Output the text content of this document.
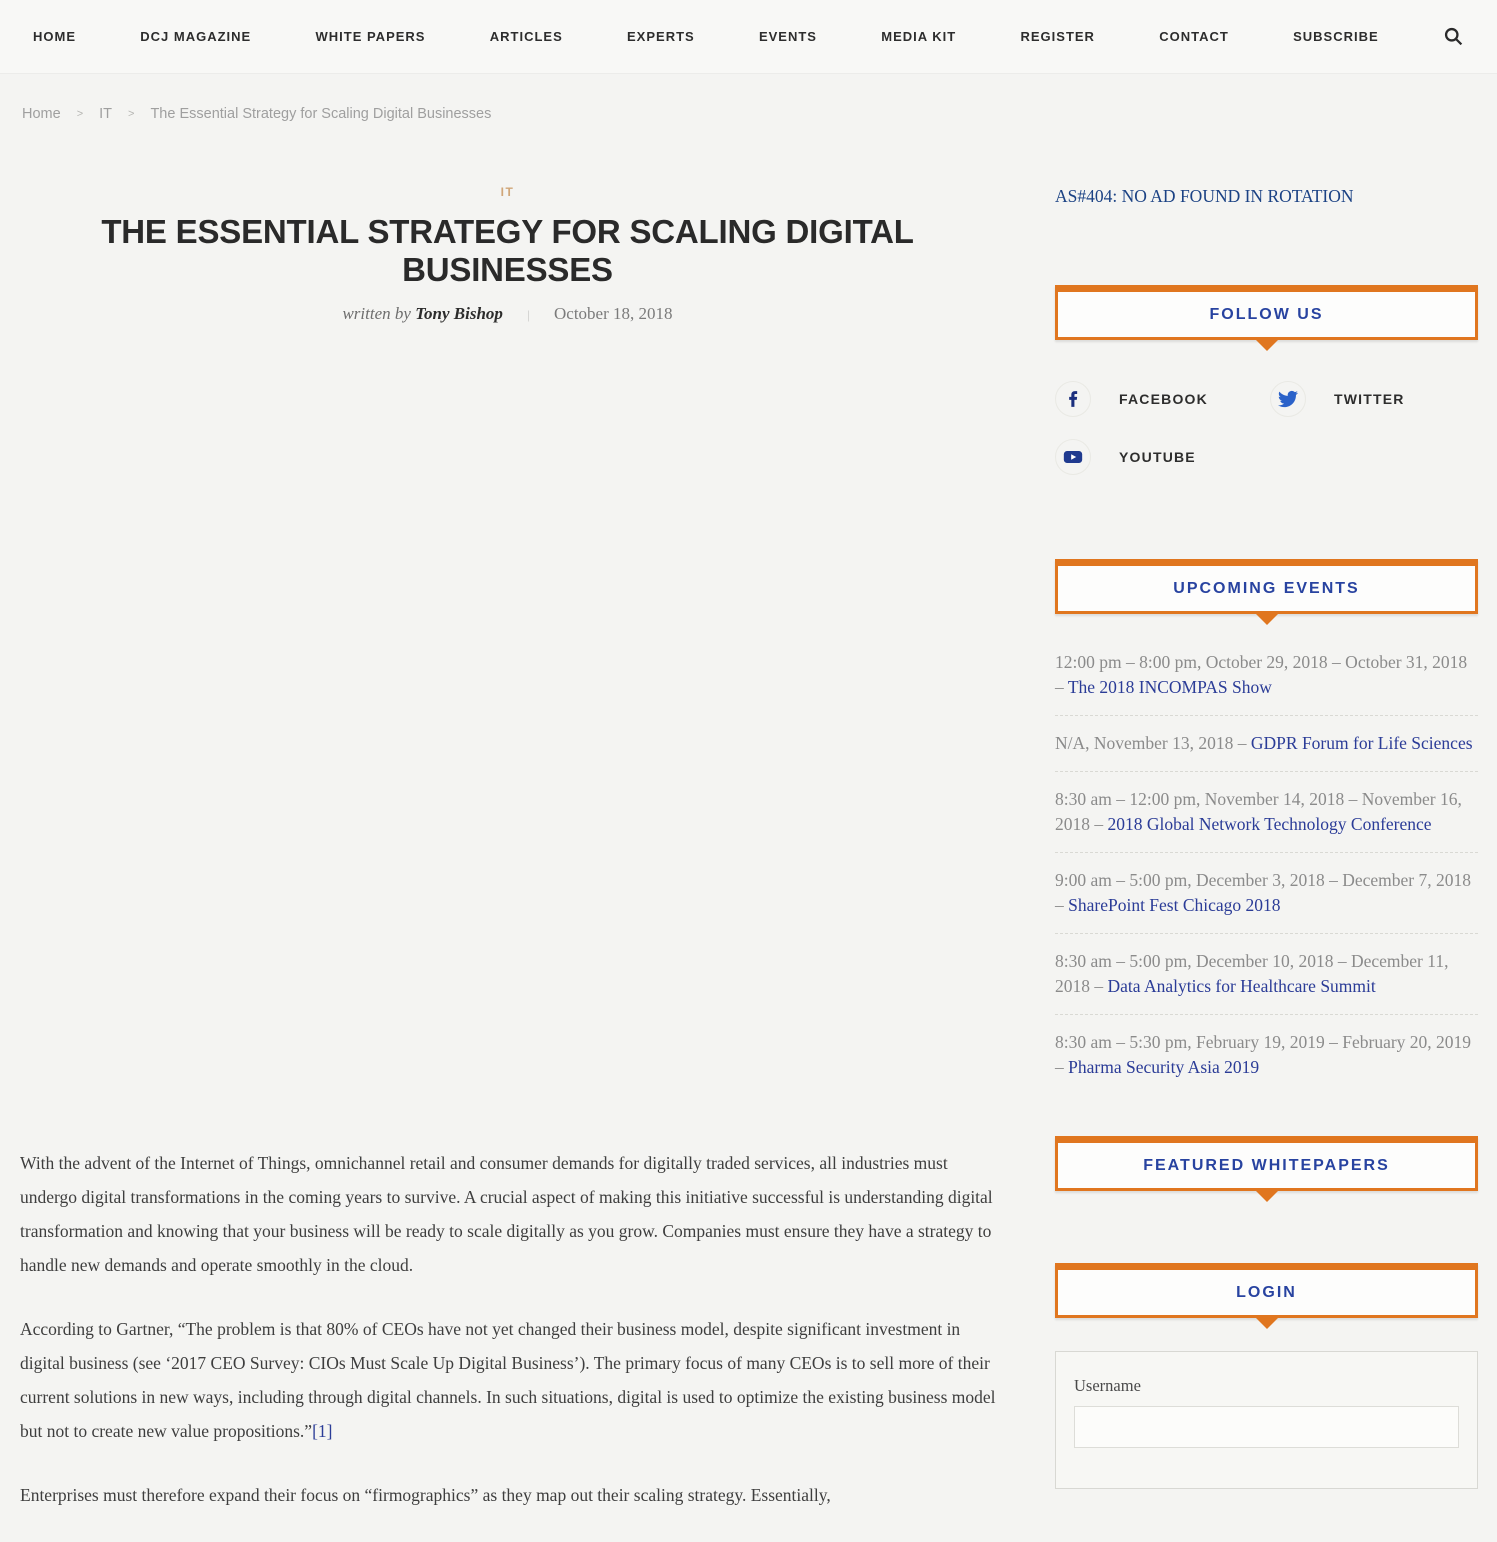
HOME	DCJ MAGAZINE	WHITE PAPERS	ARTICLES	EXPERTS	EVENTS	MEDIA KIT	REGISTER	CONTACT	SUBSCRIBE
Home > IT > The Essential Strategy for Scaling Digital Businesses
IT
THE ESSENTIAL STRATEGY FOR SCALING DIGITAL BUSINESSES
written by Tony Bishop | October 18, 2018

With the advent of the Internet of Things, omnichannel retail and consumer demands for digitally traded services, all industries must undergo digital transformations in the coming years to survive. A crucial aspect of making this initiative successful is understanding digital transformation and knowing that your business will be ready to scale digitally as you grow. Companies must ensure they have a strategy to handle new demands and operate smoothly in the cloud.

According to Gartner, “The problem is that 80% of CEOs have not yet changed their business model, despite significant investment in digital business (see ‘2017 CEO Survey: CIOs Must Scale Up Digital Business’). The primary focus of many CEOs is to sell more of their current solutions in new ways, including through digital channels. In such situations, digital is used to optimize the existing business model but not to create new value propositions.”[1]

Enterprises must therefore expand their focus on “firmographics” as they map out their scaling strategy. Essentially,

AS#404: NO AD FOUND IN ROTATION
FOLLOW US
FACEBOOK	TWITTER
YOUTUBE
UPCOMING EVENTS
12:00 pm – 8:00 pm, October 29, 2018 – October 31, 2018 – The 2018 INCOMPAS Show
N/A, November 13, 2018 – GDPR Forum for Life Sciences
8:30 am – 12:00 pm, November 14, 2018 – November 16, 2018 – 2018 Global Network Technology Conference
9:00 am – 5:00 pm, December 3, 2018 – December 7, 2018 – SharePoint Fest Chicago 2018
8:30 am – 5:00 pm, December 10, 2018 – December 11, 2018 – Data Analytics for Healthcare Summit
8:30 am – 5:30 pm, February 19, 2019 – February 20, 2019 – Pharma Security Asia 2019
FEATURED WHITEPAPERS
LOGIN
Username
